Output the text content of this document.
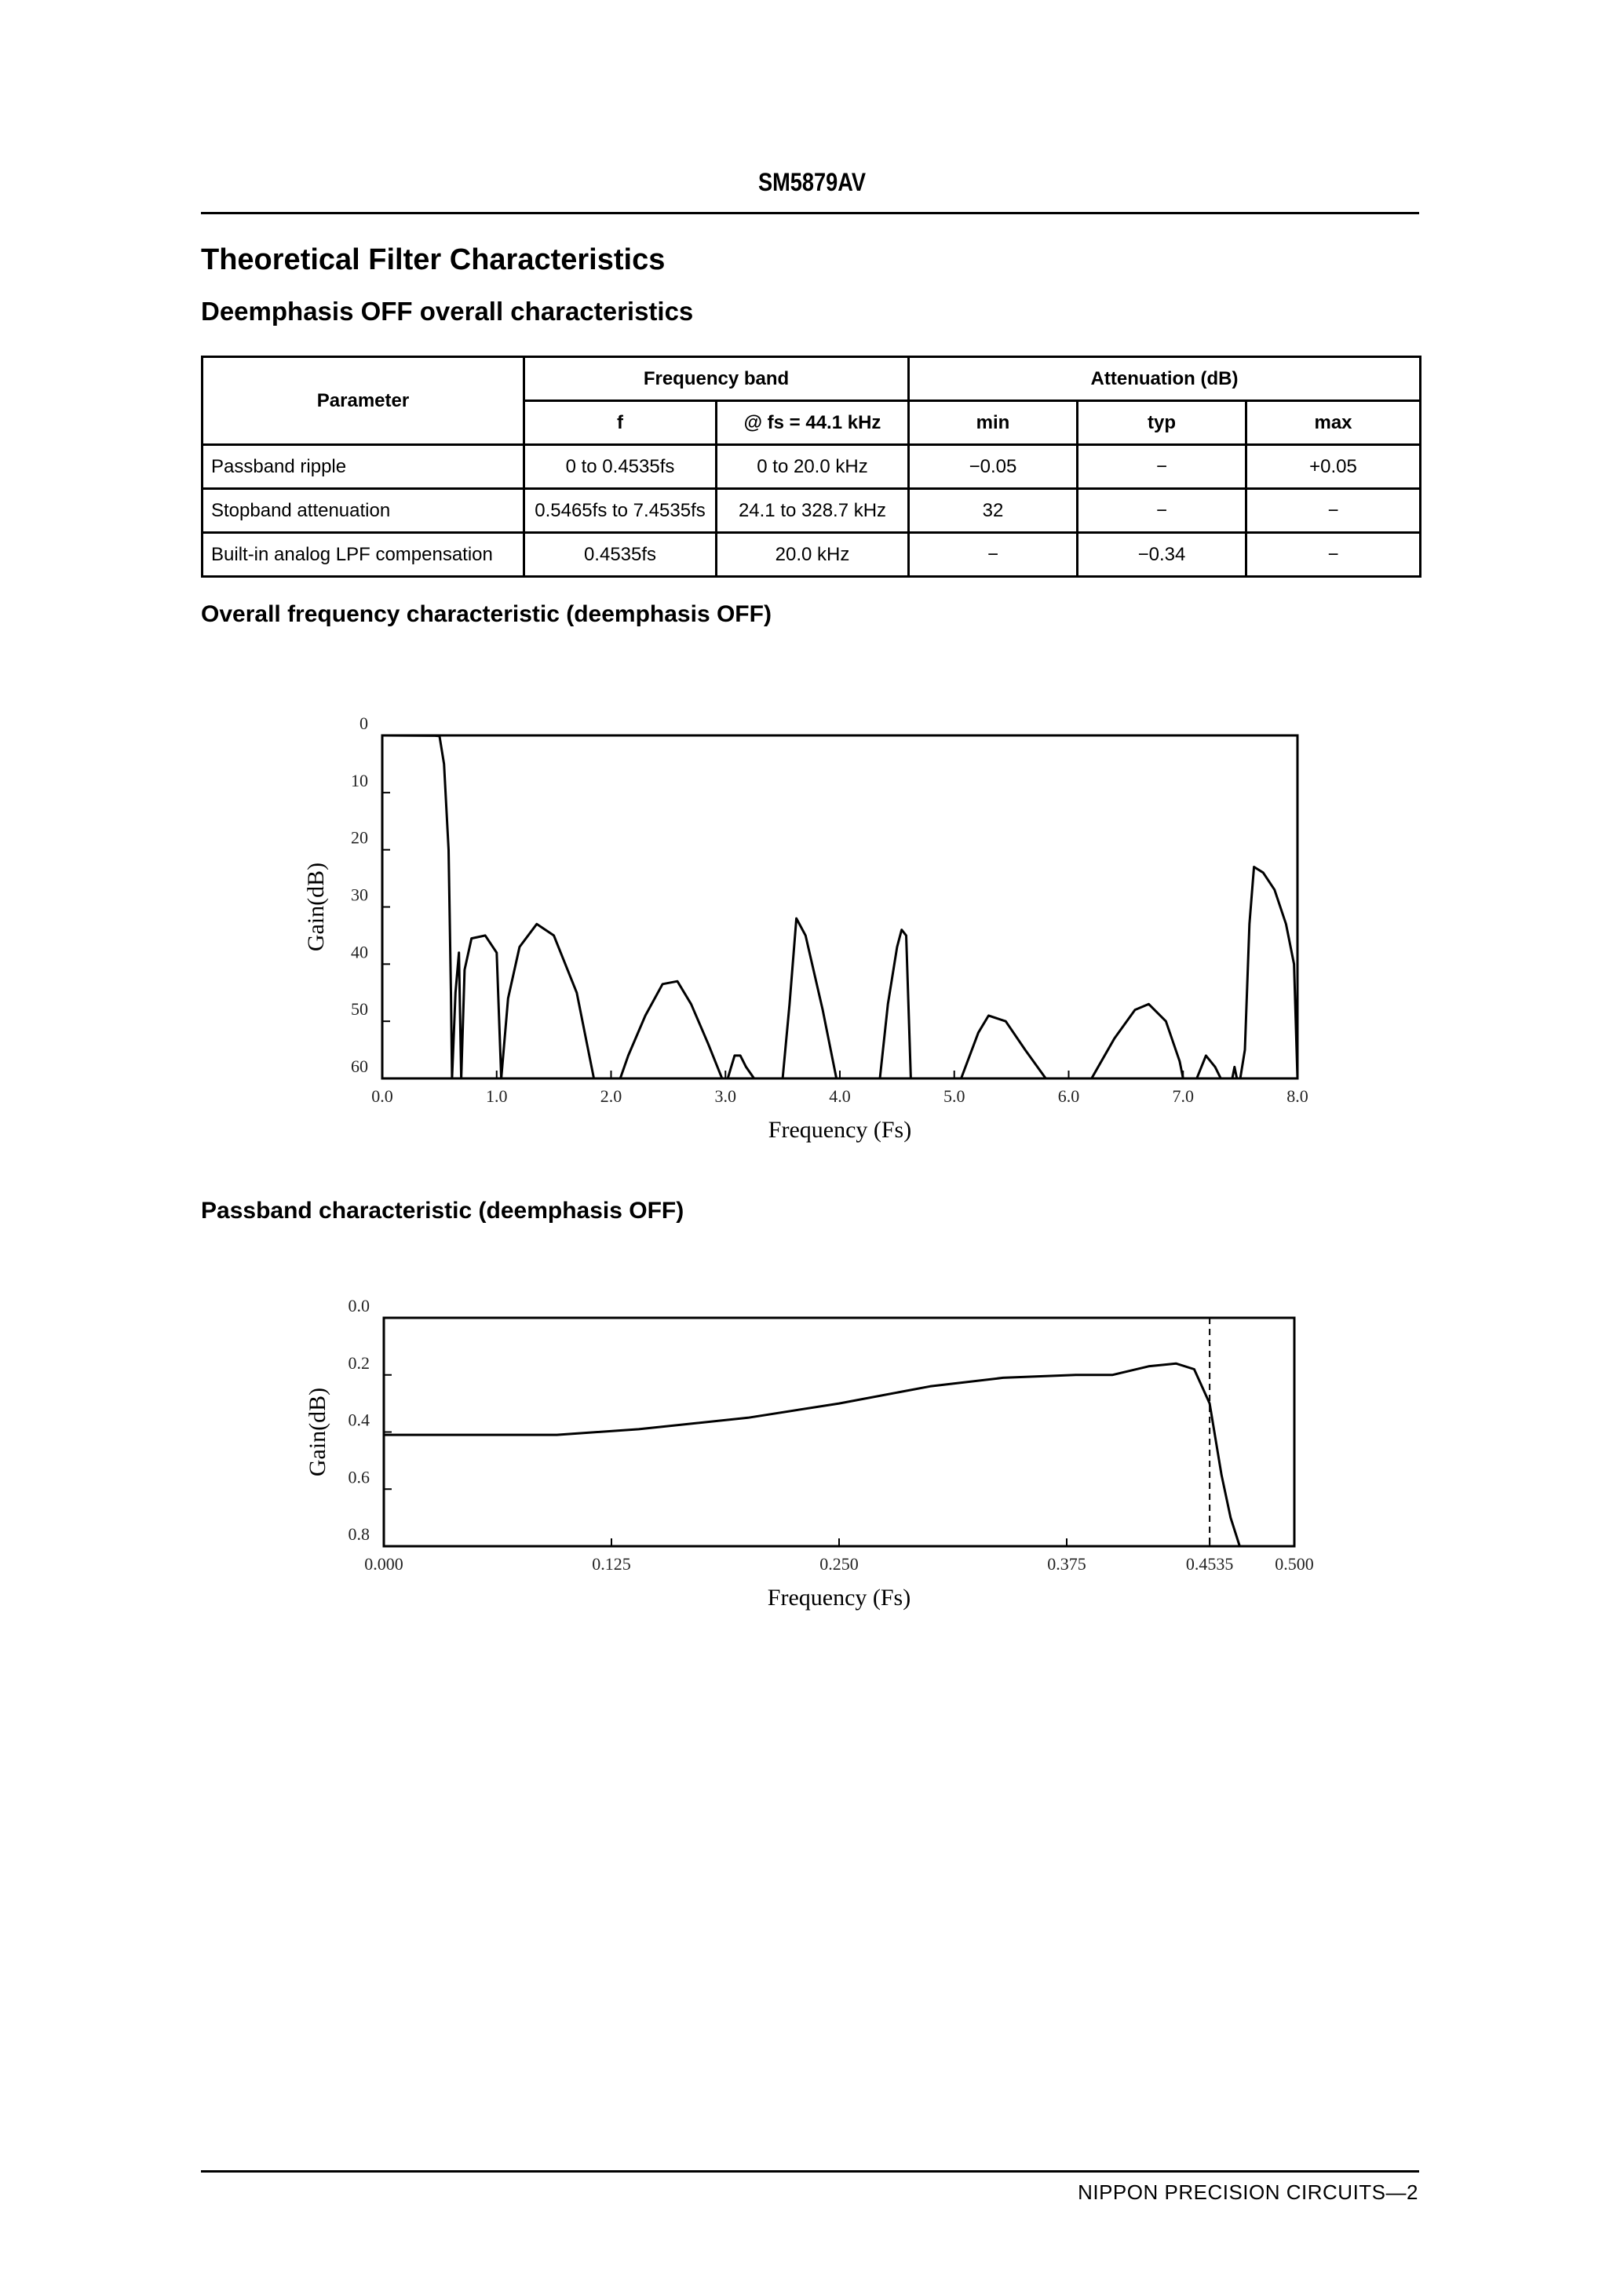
SM5879AV
Theoretical Filter Characteristics
Deemphasis OFF overall characteristics
Parameter	Frequency band		Attenuation (dB)		
	f	@ fs = 44.1 kHz	min	typ	max
Passband ripple	0 to 0.4535fs	0 to 20.0 kHz	−0.05	−	+0.05
Stopband attenuation	0.5465fs to 7.4535fs	24.1 to 328.7 kHz	32	−	−
Built-in analog LPF compensation	0.4535fs	20.0 kHz	−	−0.34	−
Overall frequency characteristic (deemphasis OFF)
0
10
20
30
40
50
60
0.0	1.0	2.0	3.0	4.0	5.0	6.0	7.0	8.0
Frequency (Fs)
Gain(dB)
0.0
0.2
0.4
0.6
0.8
0.000	0.125	0.250	0.375	0.4535 0.500
Frequency (Fs)
Gain(dB)
Passband characteristic (deemphasis OFF)
NIPPON PRECISION CIRCUITS—2
